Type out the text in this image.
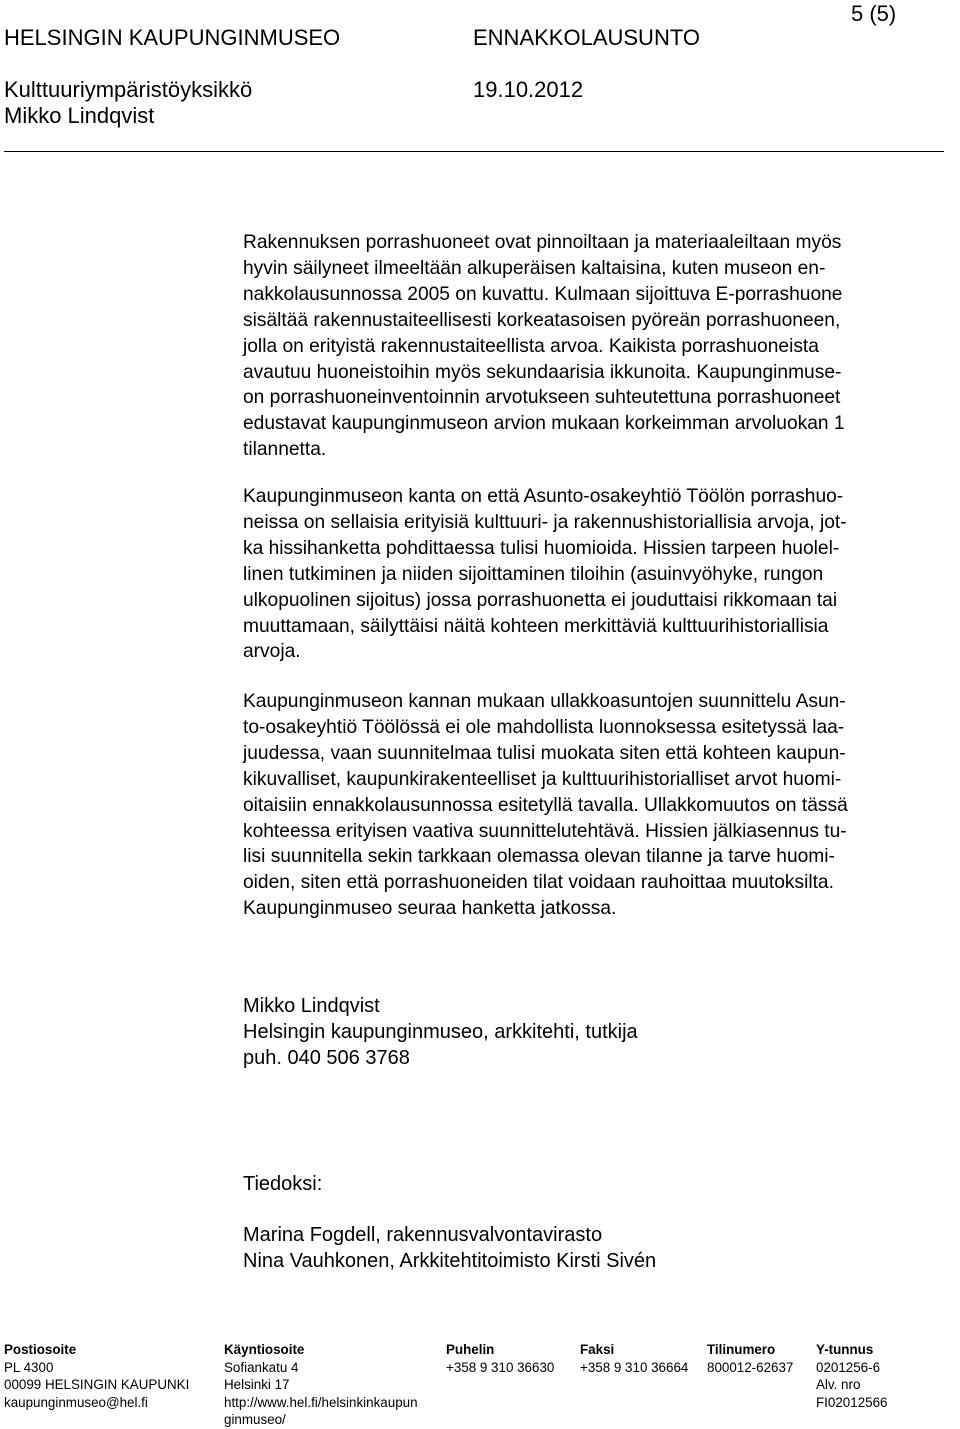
HELSINGIN KAUPUNGINMUSEO	ENNAKKOLAUSUNTO
5 (5)
Kulttuuriympäristöyksikkö	19.10.2012
Mikko Lindqvist
Rakennuksen porrashuoneet ovat pinnoiltaan ja materiaaleiltaan myös
hyvin säilyneet ilmeeltään alkuperäisen kaltaisina, kuten museon en-
nakkolausunnossa 2005 on kuvattu. Kulmaan sijoittuva E-porrashuone
sisältää rakennustaiteellisesti korkeatasoisen pyöreän porrashuoneen,
jolla on erityistä rakennustaiteellista arvoa. Kaikista porrashuoneista
avautuu huoneistoihin myös sekundaarisia ikkunoita. Kaupunginmuse-
on porrashuoneinventoinnin arvotukseen suhteutettuna porrashuoneet
edustavat kaupunginmuseon arvion mukaan korkeimman arvoluokan 1
tilannetta.
Kaupunginmuseon kanta on että Asunto-osakeyhtiö Töölön porrashuo-
neissa on sellaisia erityisiä kulttuuri- ja rakennushistoriallisia arvoja, jot-
ka hissihanketta pohdittaessa tulisi huomioida. Hissien tarpeen huolel-
linen tutkiminen ja niiden sijoittaminen tiloihin (asuinvyöhyke, rungon
ulkopuolinen sijoitus) jossa porrashuonetta ei jouduttaisi rikkomaan tai
muuttamaan, säilyttäisi näitä kohteen merkittäviä kulttuurihistoriallisia
arvoja.
Kaupunginmuseon kannan mukaan ullakkoasuntojen suunnittelu Asun-
to-osakeyhtiö Töölössä ei ole mahdollista luonnoksessa esitetyssä laa-
juudessa, vaan suunnitelmaa tulisi muokata siten että kohteen kaupun-
kikuvalliset, kaupunkirakenteelliset ja kulttuurihistorialliset arvot huomi-
oitaisiin ennakkolausunnossa esitetyllä tavalla. Ullakkomuutos on tässä
kohteessa erityisen vaativa suunnittelutehtävä. Hissien jälkiasennus tu-
lisi suunnitella sekin tarkkaan olemassa olevan tilanne ja tarve huomi-
oiden, siten että porrashuoneiden tilat voidaan rauhoittaa muutoksilta.
Kaupunginmuseo seuraa hanketta jatkossa.
Mikko Lindqvist
Helsingin kaupunginmuseo, arkkitehti, tutkija
puh. 040 506 3768
Tiedoksi:
Marina Fogdell, rakennusvalvontavirasto
Nina Vauhkonen, Arkkitehtitoimisto Kirsti Sivén
Postiosoite
PL 4300
00099 HELSINGIN KAUPUNKI
kaupunginmuseo@hel.fi
Käyntiosoite
Sofiankatu 4
Helsinki 17
http://www.hel.fi/helsinkinkaupun
ginmuseo/
Puhelin
+358 9 310 36630
Faksi
+358 9 310 36664
Tilinumero
800012-62637
Y-tunnus
0201256-6
Alv. nro
FI02012566
